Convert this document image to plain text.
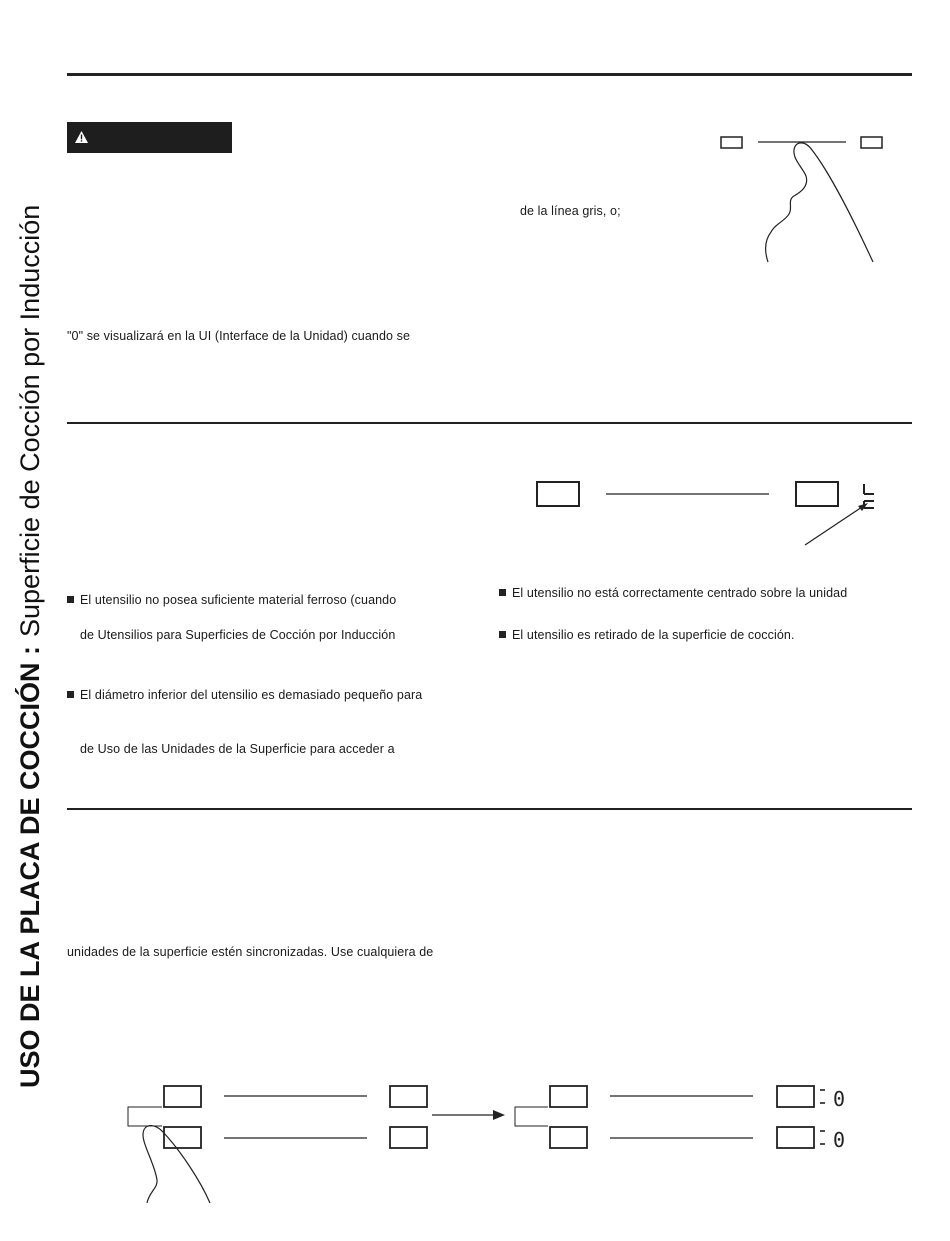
USO DE LA PLACA DE COCCIÓN :
Superficie de Cocción por Inducción	de la línea gris, o;
"0" se visualizará en la UI (Interface de la Unidad) cuando se
El utensilio no posea suficiente material ferroso (cuando
de Utensilios para Superficies de Cocción por Inducción
El diámetro inferior del utensilio es demasiado pequeño para
de Uso de las Unidades de la Superficie para acceder a
El utensilio no está correctamente centrado sobre la unidad
El utensilio es retirado de la superficie de cocción.
unidades de la superficie estén sincronizadas. Use cualquiera de
0
0
